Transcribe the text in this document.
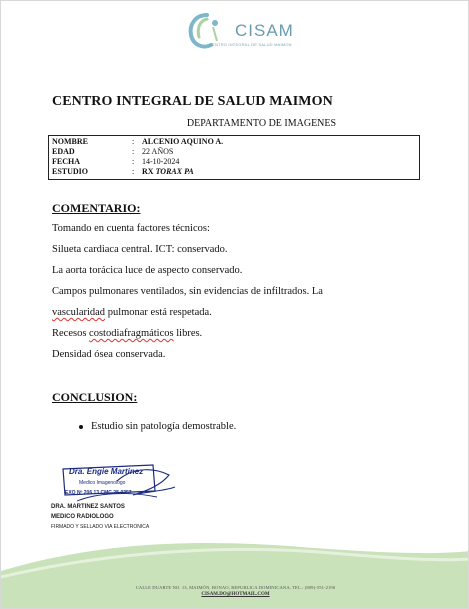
CISAM
CENTRO INTEGRAL DE SALUD MAIMON
CENTRO INTEGRAL DE SALUD MAIMON
DEPARTAMENTO DE IMAGENES
NOMBRE	: ALCENIO AQUINO A.
EDAD	: 22 AÑOS
FECHA	: 14-10-2024
ESTUDIO	: RX TORAX PA
COMENTARIO:
Tomando en cuenta factores técnicos:
Silueta cardiaca central. ICT: conservado.
La aorta torácica luce de aspecto conservado.
Campos pulmonares ventilados, sin evidencias de infiltrados. La
vascularidad pulmonar está respetada.
Recesos costodiafragmáticos libres.
Densidad ósea conservada.
CONCLUSION:
Estudio sin patología demostrable.
Dra. Engie Martinez
Medico Imagenologo
EXQ Nº 206 13 CMC 28-0357
DRA. MARTINEZ SANTOS
MEDICO RADIOLOGO
FIRMADO Y SELLADO VIA ELECTRONICA
CALLE DUARTE NO. 13, MAIMÓN, BONAO, REPUBLICA DOMINICANA, TEL.: (809)-551-2190
CISAM.DO@HOTMAIL.COM
